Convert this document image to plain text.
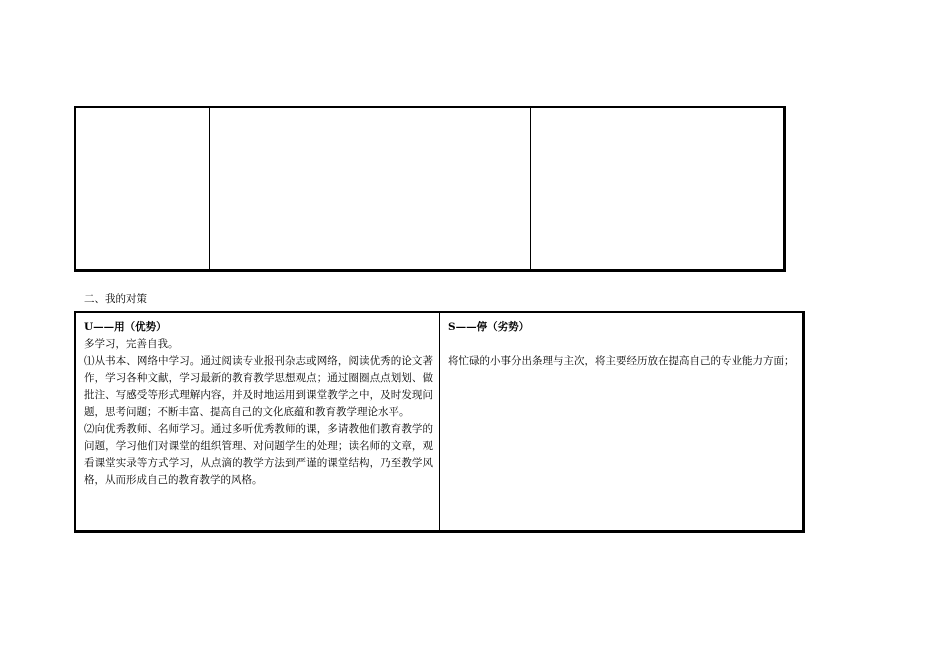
二、我的对策
U——用（优势）

多学习，完善自我。

⑴从书本、网络中学习。通过阅读专业报刊杂志或网络，阅读优秀的论文著作，学习各种文献，学习最新的教育教学思想观点；通过圈圈点点划划、做批注、写感受等形式理解内容，并及时地运用到课堂教学之中，及时发现问题，思考问题；不断丰富、提高自己的文化底蕴和教育教学理论水平。

⑵向优秀教师、名师学习。通过多听优秀教师的课，多请教他们教育教学的问题，学习他们对课堂的组织管理、对问题学生的处理；读名师的文章，观看课堂实录等方式学习，从点滴的教学方法到严谨的课堂结构，乃至教学风格，从而形成自己的教育教学的风格。

S——停（劣势）

将忙碌的小事分出条理与主次，将主要经历放在提高自己的专业能力方面；
